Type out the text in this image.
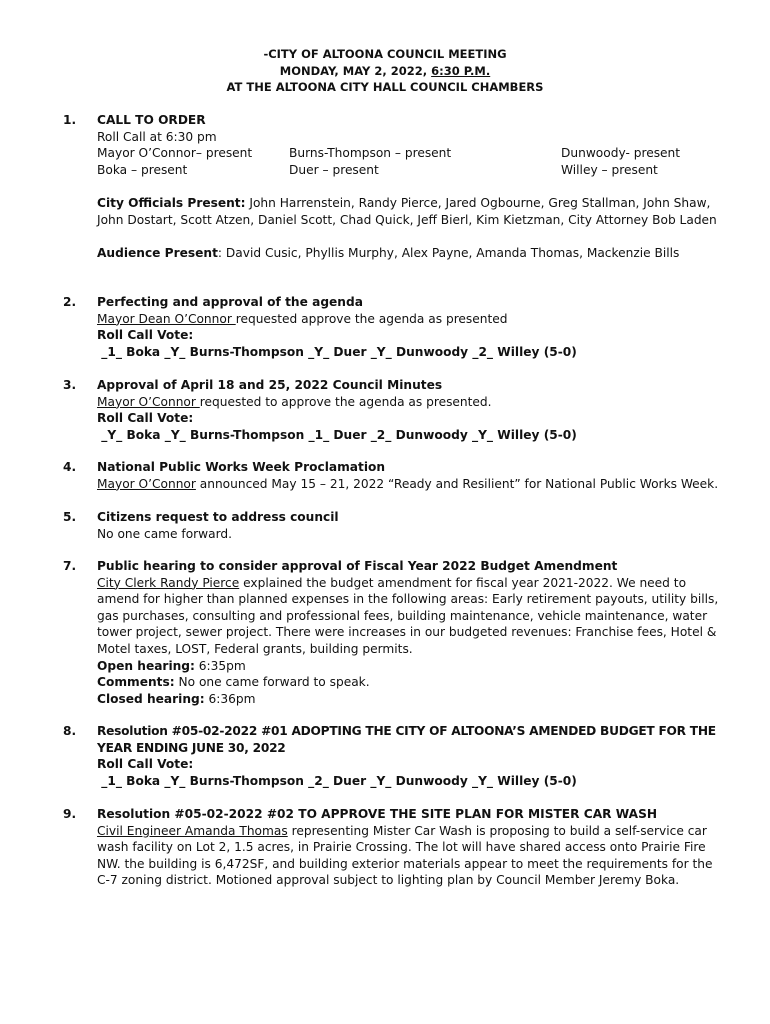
-CITY OF ALTOONA COUNCIL MEETING
MONDAY, MAY 2, 2022, 6:30 P.M.
AT THE ALTOONA CITY HALL COUNCIL CHAMBERS
1. CALL TO ORDER
Roll Call at 6:30 pm
Mayor O’Connor– present	Burns-Thompson – present	Dunwoody- present
Boka – present	Duer – present	Willey – present
City Officials Present: John Harrenstein, Randy Pierce, Jared Ogbourne, Greg Stallman, John Shaw, John Dostart, Scott Atzen, Daniel Scott, Chad Quick, Jeff Bierl, Kim Kietzman, City Attorney Bob Laden
Audience Present: David Cusic, Phyllis Murphy, Alex Payne, Amanda Thomas, Mackenzie Bills
2. Perfecting and approval of the agenda
Mayor Dean O’Connor requested approve the agenda as presented
Roll Call Vote:
_1_ Boka _Y_ Burns-Thompson _Y_ Duer _Y_ Dunwoody _2_ Willey (5-0)
3. Approval of April 18 and 25, 2022 Council Minutes
Mayor O’Connor requested to approve the agenda as presented.
Roll Call Vote:
_Y_ Boka _Y_ Burns-Thompson _1_ Duer _2_ Dunwoody _Y_ Willey (5-0)
4. National Public Works Week Proclamation
Mayor O’Connor announced May 15 – 21, 2022 “Ready and Resilient” for National Public Works Week.
5. Citizens request to address council
No one came forward.
7. Public hearing to consider approval of Fiscal Year 2022 Budget Amendment
City Clerk Randy Pierce explained the budget amendment for fiscal year 2021-2022. We need to amend for higher than planned expenses in the following areas: Early retirement payouts, utility bills, gas purchases, consulting and professional fees, building maintenance, vehicle maintenance, water tower project, sewer project. There were increases in our budgeted revenues: Franchise fees, Hotel & Motel taxes, LOST, Federal grants, building permits.
Open hearing: 6:35pm
Comments: No one came forward to speak.
Closed hearing: 6:36pm
8. Resolution #05-02-2022 #01 ADOPTING THE CITY OF ALTOONA’S AMENDED BUDGET FOR THE YEAR ENDING JUNE 30, 2022
Roll Call Vote:
_1_ Boka _Y_ Burns-Thompson _2_ Duer _Y_ Dunwoody _Y_ Willey (5-0)
9. Resolution #05-02-2022 #02 TO APPROVE THE SITE PLAN FOR MISTER CAR WASH
Civil Engineer Amanda Thomas representing Mister Car Wash is proposing to build a self-service car wash facility on Lot 2, 1.5 acres, in Prairie Crossing. The lot will have shared access onto Prairie Fire NW. the building is 6,472SF, and building exterior materials appear to meet the requirements for the C-7 zoning district. Motioned approval subject to lighting plan by Council Member Jeremy Boka.
